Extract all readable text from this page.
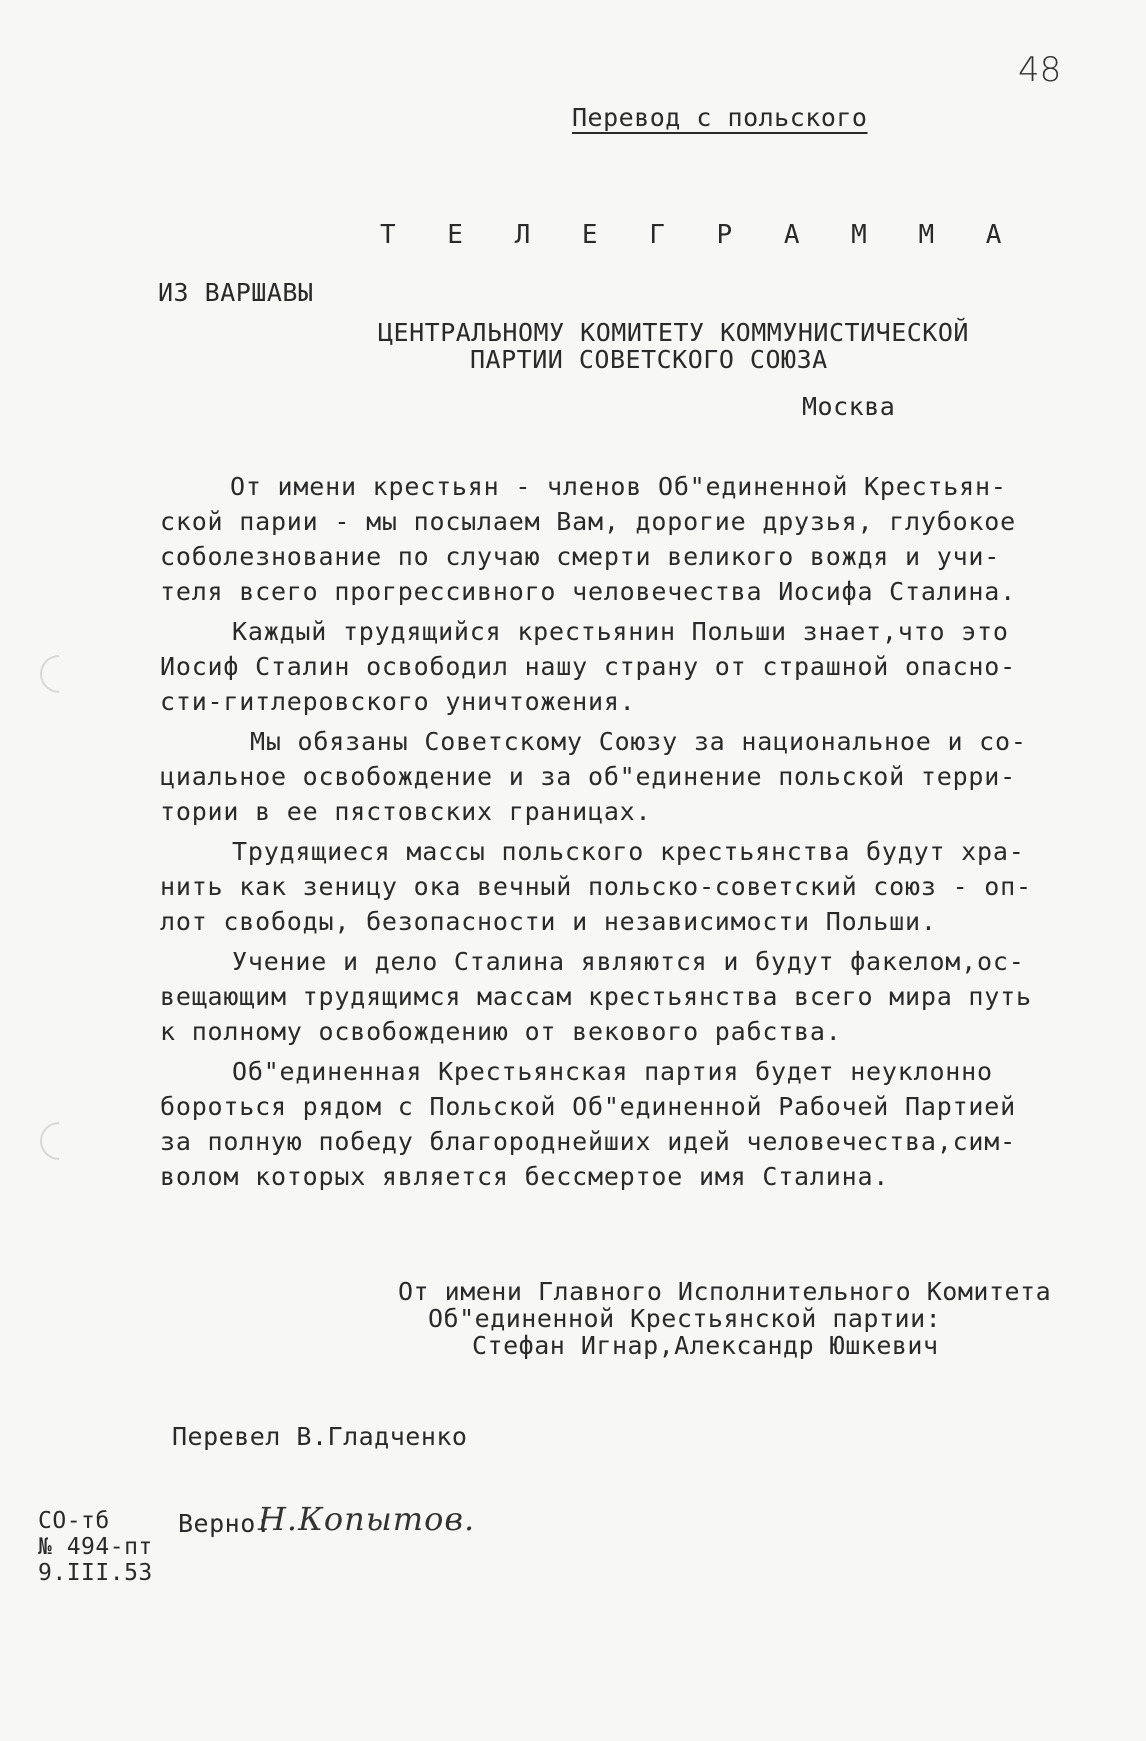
48
Перевод с польского
Т Е Л Е Г Р А М М А
ИЗ ВАРШАВЫ
ЦЕНТРАЛЬНОМУ КОМИТЕТУ КОММУНИСТИЧЕСКОЙ
ПАРТИИ СОВЕТСКОГО СОЮЗА
Москва
От имени крестьян - членов Об"единенной Крестьян-
ской парии - мы посылаем Вам, дорогие друзья, глубокое
соболезнование по случаю смерти великого вождя и учи-
теля всего прогрессивного человечества Иосифа Сталина.
Каждый трудящийся крестьянин Польши знает,что это
Иосиф Сталин освободил нашу страну от страшной опасно-
сти-гитлеровского уничтожения.
Мы обязаны Советскому Союзу за национальное и со-
циальное освобождение и за об"единение польской терри-
тории в ее пястовских границах.
Трудящиеся массы польского крестьянства будут хра-
нить как зеницу ока вечный польско-советский союз - оп-
лот свободы, безопасности и независимости Польши.
Учение и дело Сталина являются и будут факелом,ос-
вещающим трудящимся массам крестьянства всего мира путь
к полному освобождению от векового рабства.
Об"единенная Крестьянская партия будет неуклонно
бороться рядом с Польской Об"единенной Рабочей Партией
за полную победу благороднейших идей человечества,сим-
волом которых является бессмертое имя Сталина.
От имени Главного Исполнительного Комитета
Об"единенной Крестьянской партии:
Стефан Игнар,Александр Юшкевич
Перевел В.Гладченко
Верно:
Н.Копытов.
СО-тб
№ 494-пт
9.III.53
